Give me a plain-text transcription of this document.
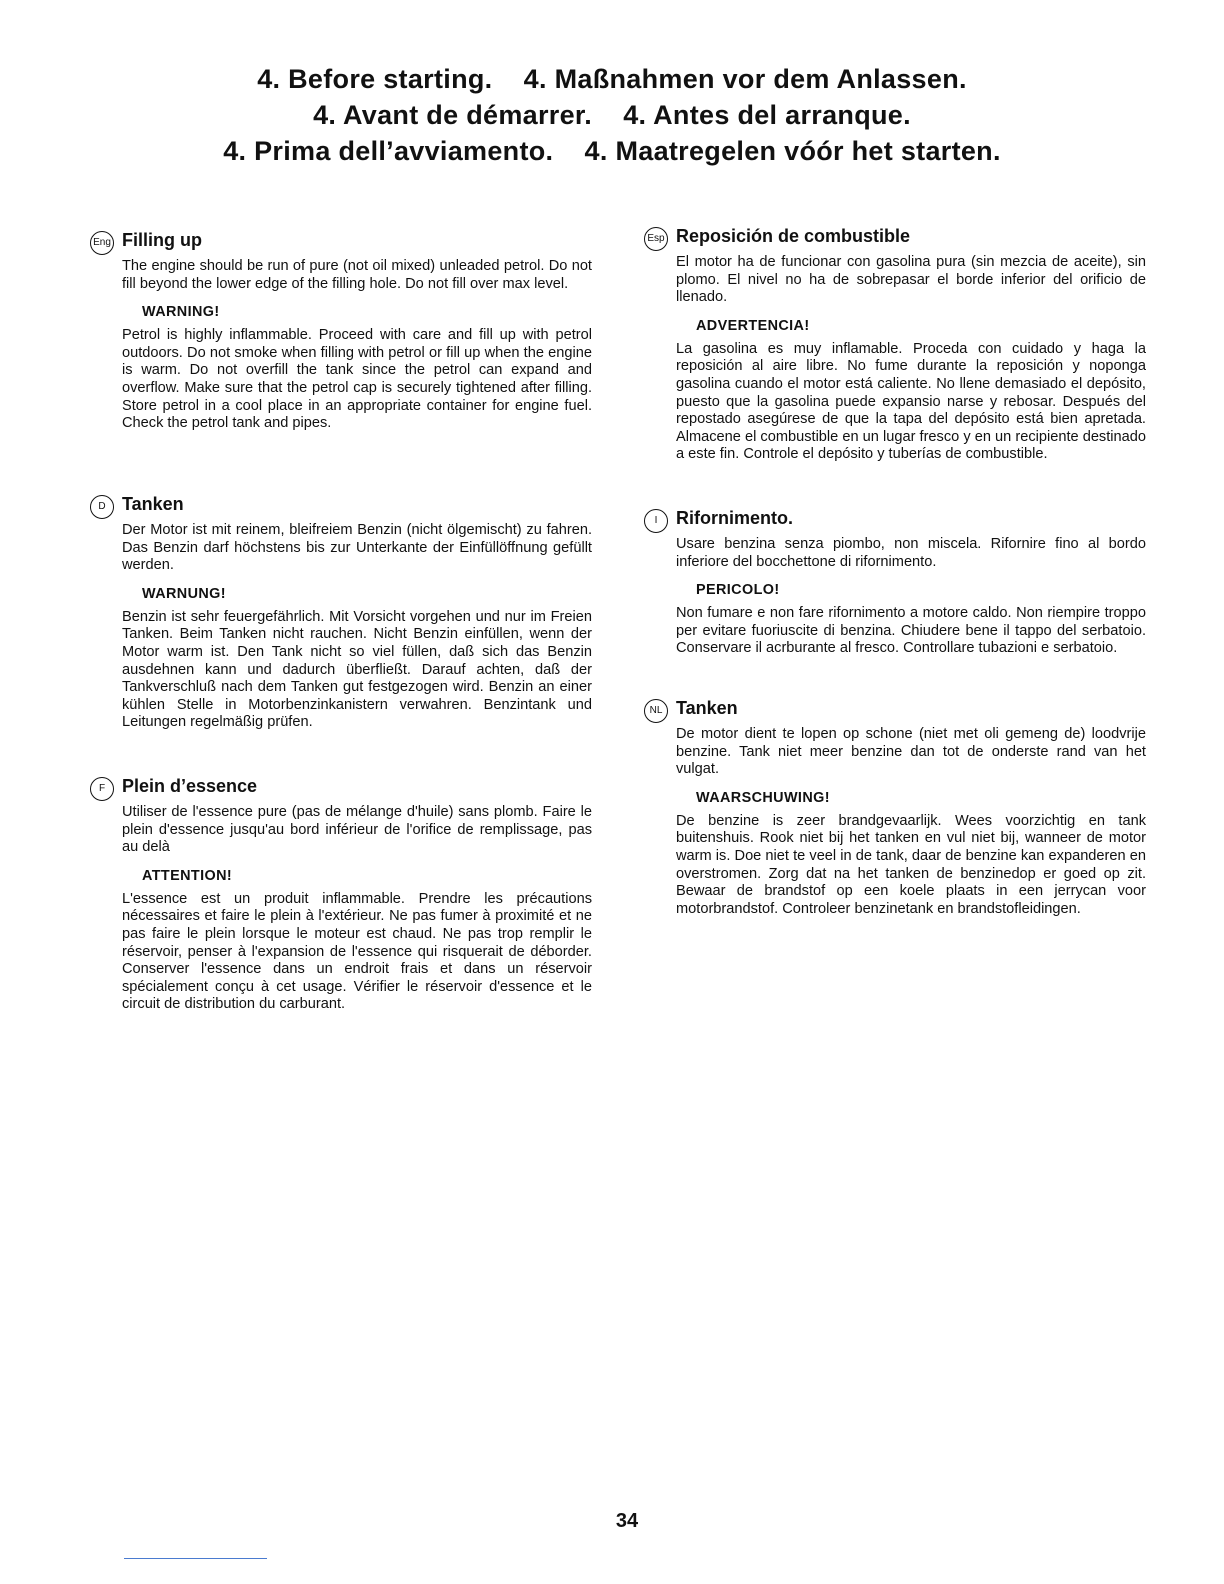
4. Before starting.    4. Maßnahmen vor dem Anlassen.
4. Avant de démarrer.    4. Antes del arranque.
4. Prima dell’avviamento.    4. Maatregelen vóór het starten.
Eng Filling up

The engine should be run of pure (not oil mixed) unleaded petrol. Do not fill beyond the lower edge of the filling hole. Do not fill over max level.

WARNING!

Petrol is highly inflammable. Proceed with care and fill up with petrol outdoors. Do not smoke when filling with petrol or fill up when the engine is warm. Do not overfill the tank since the petrol can expand and overflow. Make sure that the petrol cap is securely tightened after filling. Store petrol in a cool place in an appropriate container for engine fuel. Check the petrol tank and pipes.

D Tanken

Der Motor ist mit reinem, bleifreiem Benzin (nicht ölgemischt) zu fahren. Das Benzin darf höchstens bis zur Unterkante der Einfüllöffnung gefüllt werden.

WARNUNG!

Benzin ist sehr feuergefährlich. Mit Vorsicht vorgehen und nur im Freien Tanken. Beim Tanken nicht rauchen. Nicht Benzin einfüllen, wenn der Motor warm ist. Den Tank nicht so viel füllen, daß sich das Benzin ausdehnen kann und dadurch überfließt. Darauf achten, daß der Tankverschluß nach dem Tanken gut festgezogen wird. Benzin an einer kühlen Stelle in Motorbenzinkanistern verwahren. Benzintank und Leitungen regelmäßig prüfen.

F Plein d’essence

Utiliser de l'essence pure (pas de mélange d'huile) sans plomb. Faire le plein d'essence jusqu'au bord inférieur de l'orifice de remplissage, pas au delà

ATTENTION!

L'essence est un produit inflammable. Prendre les précautions nécessaires et faire le plein à l'extérieur. Ne pas fumer à proximité et ne pas faire le plein lorsque le moteur est chaud. Ne pas trop remplir le réservoir, penser à l'expansion de l'essence qui risquerait de déborder. Conserver l'essence dans un endroit frais et dans un réservoir spécialement conçu à cet usage. Vérifier le réservoir d'essence et le circuit de distribution du carburant.

Esp Reposición de combustible

El motor ha de funcionar con gasolina pura (sin mezcia de aceite), sin plomo. El nivel no ha de sobrepasar el borde inferior del orificio de llenado.

ADVERTENCIA!

La gasolina es muy inflamable. Proceda con cuidado y haga la reposición al aire libre. No fume durante la reposición y noponga gasolina cuando el motor está caliente. No llene demasiado el depósito, puesto que la gasolina puede expansio narse y rebosar. Después del repostado asegúrese de que la tapa del depósito está bien apretada. Almacene el combustible en un lugar fresco y en un recipiente destinado a este fin. Controle el depósito y tuberías de combustible.

I	Rifornimento.

Usare benzina senza piombo, non miscela. Rifornire fino al bordo inferiore del bocchettone di rifornimento.

PERICOLO!

Non fumare e non fare rifornimento a motore caldo. Non riempire troppo per evitare fuoriuscite di benzina. Chiudere bene il tappo del serbatoio. Conservare il acrburante al fresco. Controllare tubazioni e serbatoio.

NL Tanken

De motor dient te lopen op schone (niet met oli gemeng de) loodvrije benzine. Tank niet meer benzine dan tot de onderste rand van het vulgat.

WAARSCHUWING!

De benzine is zeer brandgevaarlijk. Wees voorzichtig en tank buitenshuis. Rook niet bij het tanken en vul niet bij, wanneer de motor warm is. Doe niet te veel in de tank, daar de benzine kan expanderen en overstromen. Zorg dat na het tanken de benzinedop er goed op zit. Bewaar de brandstof op een koele plaats in een jerrycan voor motorbrandstof. Controleer benzinetank en brandstofleidingen.

34
